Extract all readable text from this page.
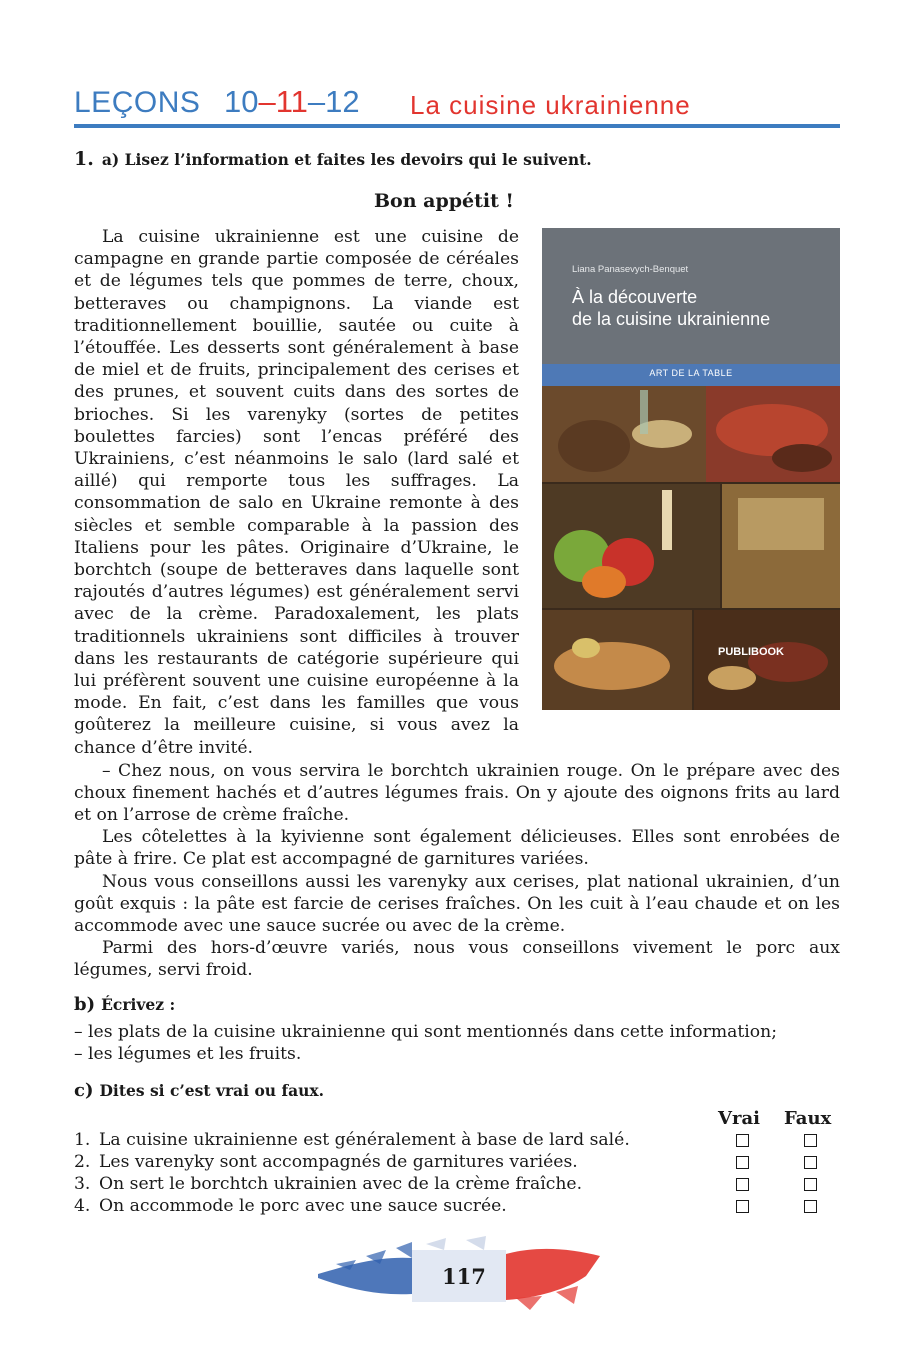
LEÇONS 10–11–12 La cuisine ukrainienne
1. a) Lisez l’information et faites les devoirs qui le suivent.
Bon appétit !
La cuisine ukrainienne est une cuisine de campagne en grande partie composée de céréales et de légumes tels que pommes de terre, choux, betteraves ou champignons. La viande est traditionnellement bouillie, sautée ou cuite à l’étouffée. Les desserts sont généralement à base de miel et de fruits, principalement des cerises et des prunes, et souvent cuits dans des sortes de brioches. Si les varenyky (sortes de petites boulettes farcies) sont l’encas préféré des Ukrainiens, c’est néanmoins le salo (lard salé et aillé) qui remporte tous les suffrages. La consommation de salo en Ukraine remonte à des siècles et semble comparable à la passion des Italiens pour les pâtes. Originaire d’Ukraine, le borchtch (soupe de betteraves dans laquelle sont rajoutés d’autres légumes) est généralement servi avec de la crème. Paradoxalement, les plats traditionnels ukrainiens sont difficiles à trouver dans les restaurants de catégorie supérieure qui lui préfèrent souvent une cuisine européenne à la mode. En fait, c’est dans les familles que vous goûterez la meilleure cuisine, si vous avez la chance d’être invité.
Liana Panasevych-Benquet
À la découverte
de la cuisine ukrainienne
ART DE LA TABLE
PUBLIBOOK
– Chez nous, on vous servira le borchtch ukrainien rouge. On le prépare avec des choux finement hachés et d’autres légumes frais. On y ajoute des oignons frits au lard et on l’arrose de crème fraîche.
Les côtelettes à la kyivienne sont également délicieuses. Elles sont enrobées de pâte à frire. Ce plat est accompagné de garnitures variées.
Nous vous conseillons aussi les varenyky aux cerises, plat national ukrainien, d’un goût exquis : la pâte est farcie de cerises fraîches. On les cuit à l’eau chaude et on les accommode avec une sauce sucrée ou avec de la crème.
Parmi des hors-d’œuvre variés, nous vous conseillons vivement le porc aux légumes, servi froid.
b) Écrivez :
– les plats de la cuisine ukrainienne qui sont mentionnés dans cette information;
– les légumes et les fruits.
c) Dites si c’est vrai ou faux.
Vrai Faux
1. La cuisine ukrainienne est généralement à base de lard salé.
2. Les varenyky sont accompagnés de garnitures variées.
3. On sert le borchtch ukrainien avec de la crème fraîche.
4. On accommode le porc avec une sauce sucrée.
117
